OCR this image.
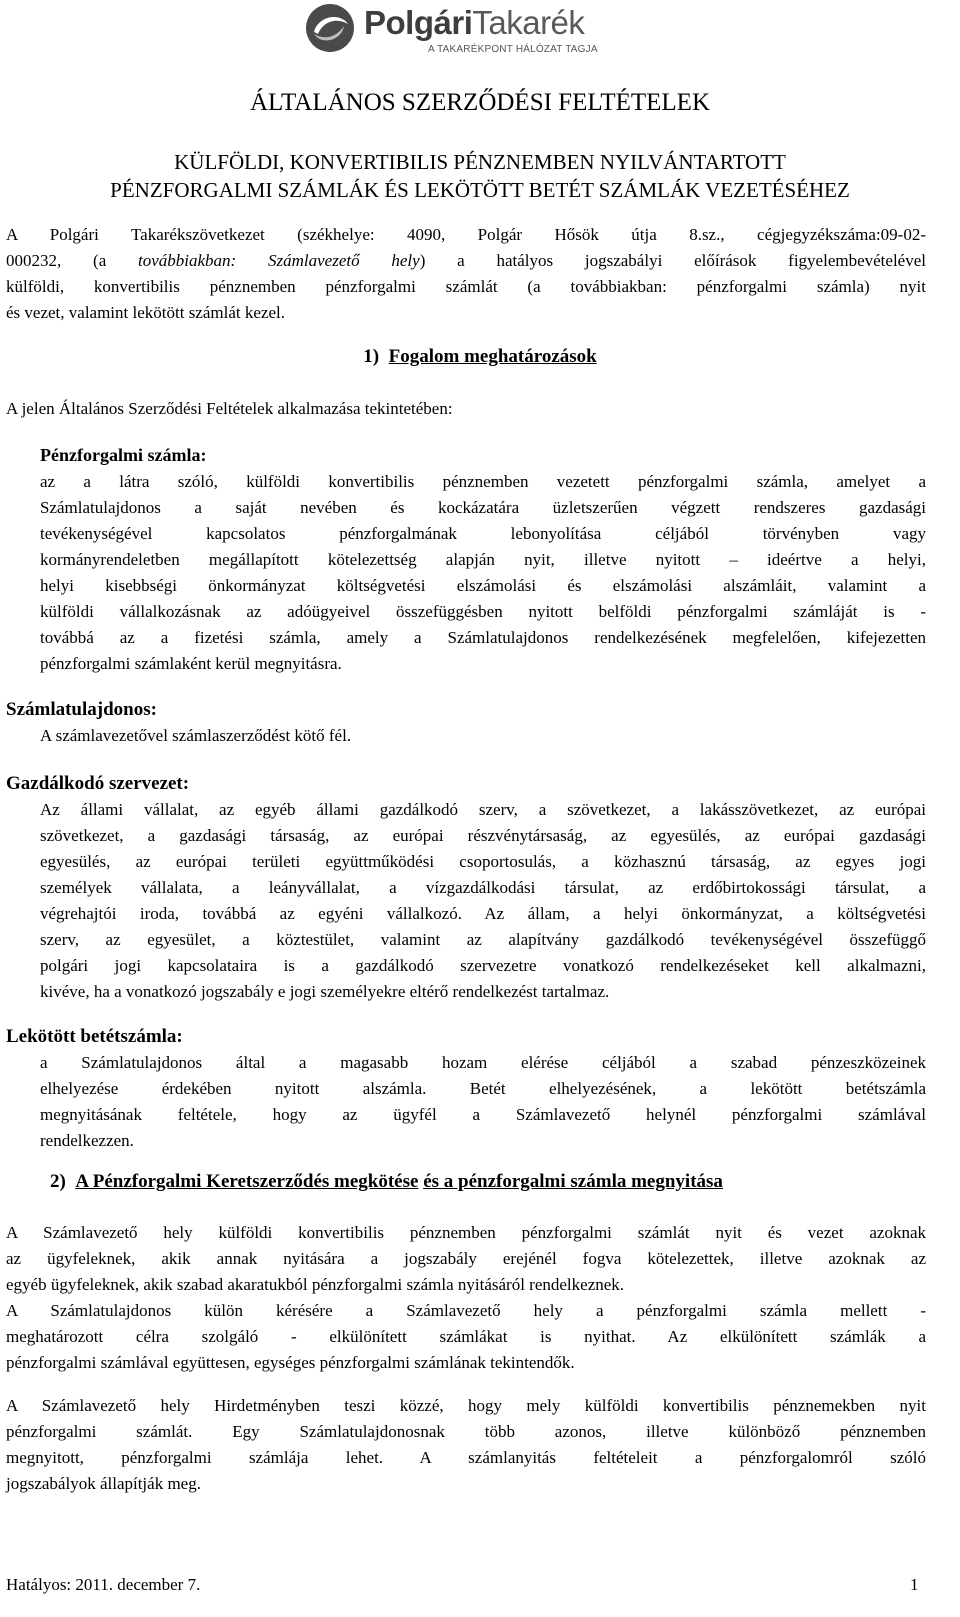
PolgáriTakarék
A TAKARÉKPONT HÁLÓZAT TAGJA
ÁLTALÁNOS SZERZŐDÉSI FELTÉTELEK
KÜLFÖLDI, KONVERTIBILIS PÉNZNEMBEN NYILVÁNTARTOTT
PÉNZFORGALMI SZÁMLÁK ÉS LEKÖTÖTT BETÉT SZÁMLÁK VEZETÉSÉHEZ
A Polgári Takarékszövetkezet (székhelye: 4090, Polgár Hősök útja 8.sz., cégjegyzékszáma:09-02-
000232, (a továbbiakban: Számlavezető hely) a hatályos jogszabályi előírások figyelembevételével
külföldi, konvertibilis pénznemben pénzforgalmi számlát (a továbbiakban: pénzforgalmi számla) nyit
és vezet, valamint lekötött számlát kezel.
1) Fogalom meghatározások
A jelen Általános Szerződési Feltételek alkalmazása tekintetében:
Pénzforgalmi számla:
az a látra szóló, külföldi konvertibilis pénznemben vezetett pénzforgalmi számla, amelyet a
Számlatulajdonos a saját nevében és kockázatára üzletszerűen végzett rendszeres gazdasági
tevékenységével kapcsolatos pénzforgalmának lebonyolítása céljából törvényben vagy
kormányrendeletben megállapított kötelezettség alapján nyit, illetve nyitott – ideértve a helyi,
helyi kisebbségi önkormányzat költségvetési elszámolási és elszámolási alszámláit, valamint a
külföldi vállalkozásnak az adóügyeivel összefüggésben nyitott belföldi pénzforgalmi számláját is -
továbbá az a fizetési számla, amely a Számlatulajdonos rendelkezésének megfelelően, kifejezetten
pénzforgalmi számlaként kerül megnyitásra.
Számlatulajdonos:
A számlavezetővel számlaszerződést kötő fél.
Gazdálkodó szervezet:
Az állami vállalat, az egyéb állami gazdálkodó szerv, a szövetkezet, a lakásszövetkezet, az európai
szövetkezet, a gazdasági társaság, az európai részvénytársaság, az egyesülés, az európai gazdasági
egyesülés, az európai területi együttműködési csoportosulás, a közhasznú társaság, az egyes jogi
személyek vállalata, a leányvállalat, a vízgazdálkodási társulat, az erdőbirtokossági társulat, a
végrehajtói iroda, továbbá az egyéni vállalkozó. Az állam, a helyi önkormányzat, a költségvetési
szerv, az egyesület, a köztestület, valamint az alapítvány gazdálkodó tevékenységével összefüggő
polgári jogi kapcsolataira is a gazdálkodó szervezetre vonatkozó rendelkezéseket kell alkalmazni,
kivéve, ha a vonatkozó jogszabály e jogi személyekre eltérő rendelkezést tartalmaz.
Lekötött betétszámla:
a Számlatulajdonos által a magasabb hozam elérése céljából a szabad pénzeszközeinek
elhelyezése érdekében nyitott alszámla. Betét elhelyezésének, a lekötött betétszámla
megnyitásának feltétele, hogy az ügyfél a Számlavezető helynél pénzforgalmi számlával
rendelkezzen.
2) A Pénzforgalmi Keretszerződés megkötése és a pénzforgalmi számla megnyitása
A Számlavezető hely külföldi konvertibilis pénznemben pénzforgalmi számlát nyit és vezet azoknak
az ügyfeleknek, akik annak nyitására a jogszabály erejénél fogva kötelezettek, illetve azoknak az
egyéb ügyfeleknek, akik szabad akaratukból pénzforgalmi számla nyitásáról rendelkeznek.
A Számlatulajdonos külön kérésére a Számlavezető hely a pénzforgalmi számla mellett -
meghatározott célra szolgáló - elkülönített számlákat is nyithat. Az elkülönített számlák a
pénzforgalmi számlával együttesen, egységes pénzforgalmi számlának tekintendők.
A Számlavezető hely Hirdetményben teszi közzé, hogy mely külföldi konvertibilis pénznemekben nyit
pénzforgalmi számlát. Egy Számlatulajdonosnak több azonos, illetve különböző pénznemben
megnyitott, pénzforgalmi számlája lehet. A számlanyitás feltételeit a pénzforgalomról szóló
jogszabályok állapítják meg.
Hatályos: 2011. december 7.	1
